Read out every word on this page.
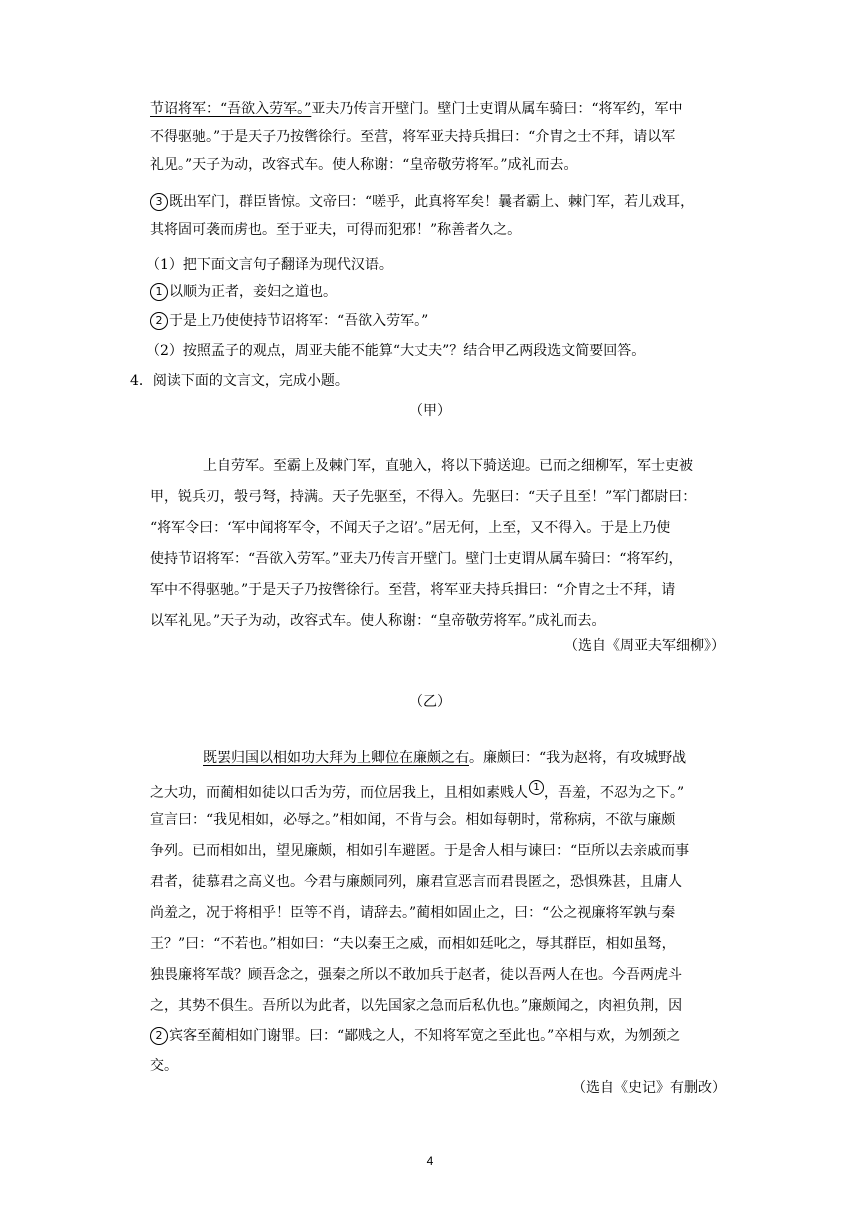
节诏将军：“吾欲入劳军。”亚夫乃传言开壁门。壁门士吏谓从属车骑曰：“将军约，军中
不得驱驰。”于是天子乃按辔徐行。至营，将军亚夫持兵揖曰：“介胄之士不拜，请以军
礼见。”天子为动，改容式车。使人称谢：“皇帝敬劳将军。”成礼而去。
3 既出军门，群臣皆惊。文帝曰：“嗟乎，此真将军矣！曩者霸上、棘门军，若儿戏耳，
其将固可袭而虏也。至于亚夫，可得而犯邪！”称善者久之。
（1）把下面文言句子翻译为现代汉语。
1 以顺为正者，妾妇之道也。
2 于是上乃使使持节诏将军：“吾欲入劳军。”
（2）按照孟子的观点，周亚夫能不能算“大丈夫”？结合甲乙两段选文简要回答。
4．阅读下面的文言文，完成小题。
（甲）
上自劳军。至霸上及棘门军，直驰入，将以下骑送迎。已而之细柳军，军士吏被
甲，锐兵刃，彀弓弩，持满。天子先驱至，不得入。先驱曰：“天子且至！”军门都尉曰：
“将军令曰：‘军中闻将军令，不闻天子之诏’。”居无何，上至，又不得入。于是上乃使
使持节诏将军：“吾欲入劳军。”亚夫乃传言开壁门。壁门士吏谓从属车骑曰：“将军约，
军中不得驱驰。”于是天子乃按辔徐行。至营，将军亚夫持兵揖曰：“介胄之士不拜，请
以军礼见。”天子为动，改容式车。使人称谢：“皇帝敬劳将军。”成礼而去。
（选自《周亚夫军细柳》）
（乙）
既罢归国以相如功大拜为上卿位在廉颇之右。廉颇曰：“我为赵将，有攻城野战
之大功，而蔺相如徒以口舌为劳，而位居我上，且相如素贱人 1 ，吾羞，不忍为之下。”
宣言曰：“我见相如，必辱之。”相如闻，不肯与会。相如每朝时，常称病，不欲与廉颇
争列。已而相如出，望见廉颇，相如引车避匿。于是舍人相与谏曰：“臣所以去亲戚而事
君者，徒慕君之高义也。今君与廉颇同列，廉君宣恶言而君畏匿之，恐惧殊甚，且庸人
尚羞之，况于将相乎！臣等不肖，请辞去。”蔺相如固止之，曰：“公之视廉将军孰与秦
王？”曰：“不若也。”相如曰：“夫以秦王之威，而相如廷叱之，辱其群臣，相如虽驽，
独畏廉将军哉？顾吾念之，强秦之所以不敢加兵于赵者，徒以吾两人在也。今吾两虎斗
之，其势不俱生。吾所以为此者，以先国家之急而后私仇也。”廉颇闻之，肉袒负荆，因
2 宾客至蔺相如门谢罪。曰：“鄙贱之人，不知将军宽之至此也。”卒相与欢，为刎颈之
交。
（选自《史记》有删改）
4
